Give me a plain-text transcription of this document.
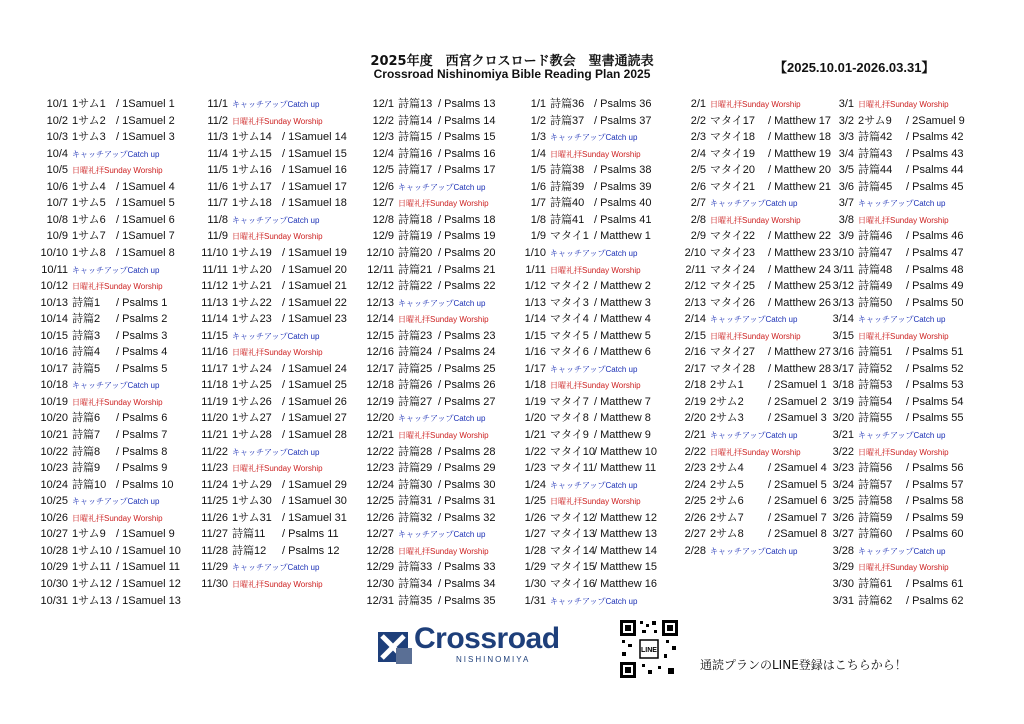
2025年度　西宮クロスロード教会　聖書通読表
Crossroad Nishinomiya Bible Reading Plan 2025	【2025.10.01-2026.03.31】
10/1 1サム1 / 1Samuel 1
10/2 1サム2 / 1Samuel 2
10/3 1サム3 / 1Samuel 3
10/4 キャッチアップCatch up
10/5 日曜礼拝Sunday Worship
10/6 1サム4 / 1Samuel 4
10/7 1サム5 / 1Samuel 5
10/8 1サム6 / 1Samuel 6
10/9 1サム7 / 1Samuel 7
10/10 1サム8 / 1Samuel 8
10/11 キャッチアップCatch up
10/12 日曜礼拝Sunday Worship
10/13 詩篇1 / Psalms 1
10/14 詩篇2 / Psalms 2
10/15 詩篇3 / Psalms 3
10/16 詩篇4 / Psalms 4
10/17 詩篇5 / Psalms 5
10/18 キャッチアップCatch up
10/19 日曜礼拝Sunday Worship
10/20 詩篇6 / Psalms 6
10/21 詩篇7 / Psalms 7
10/22 詩篇8 / Psalms 8
10/23 詩篇9 / Psalms 9
10/24 詩篇10 / Psalms 10
10/25 キャッチアップCatch up
10/26 日曜礼拝Sunday Worship
10/27 1サム9 / 1Samuel 9
10/28 1サム10 / 1Samuel 10
10/29 1サム11 / 1Samuel 11
10/30 1サム12 / 1Samuel 12
10/31 1サム13 / 1Samuel 13
11/1 キャッチアップCatch up
11/2 日曜礼拝Sunday Worship
11/3 1サム14 / 1Samuel 14
11/4 1サム15 / 1Samuel 15
11/5 1サム16 / 1Samuel 16
11/6 1サム17 / 1Samuel 17
11/7 1サム18 / 1Samuel 18
11/8 キャッチアップCatch up
11/9 日曜礼拝Sunday Worship
11/10 1サム19 / 1Samuel 19
11/11 1サム20 / 1Samuel 20
11/12 1サム21 / 1Samuel 21
11/13 1サム22 / 1Samuel 22
11/14 1サム23 / 1Samuel 23
11/15 キャッチアップCatch up
11/16 日曜礼拝Sunday Worship
11/17 1サム24 / 1Samuel 24
11/18 1サム25 / 1Samuel 25
11/19 1サム26 / 1Samuel 26
11/20 1サム27 / 1Samuel 27
11/21 1サム28 / 1Samuel 28
11/22 キャッチアップCatch up
11/23 日曜礼拝Sunday Worship
11/24 1サム29 / 1Samuel 29
11/25 1サム30 / 1Samuel 30
11/26 1サム31 / 1Samuel 31
11/27 詩篇11 / Psalms 11
11/28 詩篇12 / Psalms 12
11/29 キャッチアップCatch up
11/30 日曜礼拝Sunday Worship
12/1 詩篇13 / Psalms 13
12/2 詩篇14 / Psalms 14
12/3 詩篇15 / Psalms 15
12/4 詩篇16 / Psalms 16
12/5 詩篇17 / Psalms 17
12/6 キャッチアップCatch up
12/7 日曜礼拝Sunday Worship
12/8 詩篇18 / Psalms 18
12/9 詩篇19 / Psalms 19
12/10 詩篇20 / Psalms 20
12/11 詩篇21 / Psalms 21
12/12 詩篇22 / Psalms 22
12/13 キャッチアップCatch up
12/14 日曜礼拝Sunday Worship
12/15 詩篇23 / Psalms 23
12/16 詩篇24 / Psalms 24
12/17 詩篇25 / Psalms 25
12/18 詩篇26 / Psalms 26
12/19 詩篇27 / Psalms 27
12/20 キャッチアップCatch up
12/21 日曜礼拝Sunday Worship
12/22 詩篇28 / Psalms 28
12/23 詩篇29 / Psalms 29
12/24 詩篇30 / Psalms 30
12/25 詩篇31 / Psalms 31
12/26 詩篇32 / Psalms 32
12/27 キャッチアップCatch up
12/28 日曜礼拝Sunday Worship
12/29 詩篇33 / Psalms 33
12/30 詩篇34 / Psalms 34
12/31 詩篇35 / Psalms 35
1/1 詩篇36 / Psalms 36
1/2 詩篇37 / Psalms 37
1/3 キャッチアップCatch up
1/4 日曜礼拝Sunday Worship
1/5 詩篇38 / Psalms 38
1/6 詩篇39 / Psalms 39
1/7 詩篇40 / Psalms 40
1/8 詩篇41 / Psalms 41
1/9 マタイ1 / Matthew 1
1/10 キャッチアップCatch up
1/11 日曜礼拝Sunday Worship
1/12 マタイ2 / Matthew 2
1/13 マタイ3 / Matthew 3
1/14 マタイ4 / Matthew 4
1/15 マタイ5 / Matthew 5
1/16 マタイ6 / Matthew 6
1/17 キャッチアップCatch up
1/18 日曜礼拝Sunday Worship
1/19 マタイ7 / Matthew 7
1/20 マタイ8 / Matthew 8
1/21 マタイ9 / Matthew 9
1/22 マタイ10/ Matthew 10
1/23 マタイ11/ Matthew 11
1/24 キャッチアップCatch up
1/25 日曜礼拝Sunday Worship
1/26 マタイ12/ Matthew 12
1/27 マタイ13/ Matthew 13
1/28 マタイ14/ Matthew 14
1/29 マタイ15/ Matthew 15
1/30 マタイ16/ Matthew 16
1/31 キャッチアップCatch up
2/1 日曜礼拝Sunday Worship
2/2 マタイ17 / Matthew 17
2/3 マタイ18 / Matthew 18
2/4 マタイ19 / Matthew 19
2/5 マタイ20 / Matthew 20
2/6 マタイ21 / Matthew 21
2/7 キャッチアップCatch up
2/8 日曜礼拝Sunday Worship
2/9 マタイ22 / Matthew 22
2/10 マタイ23 / Matthew 23
2/11 マタイ24 / Matthew 24
2/12 マタイ25 / Matthew 25
2/13 マタイ26 / Matthew 26
2/14 キャッチアップCatch up
2/15 日曜礼拝Sunday Worship
2/16 マタイ27 / Matthew 27
2/17 マタイ28 / Matthew 28
2/18 2サム1 / 2Samuel 1
2/19 2サム2 / 2Samuel 2
2/20 2サム3 / 2Samuel 3
2/21 キャッチアップCatch up
2/22 日曜礼拝Sunday Worship
2/23 2サム4 / 2Samuel 4
2/24 2サム5 / 2Samuel 5
2/25 2サム6 / 2Samuel 6
2/26 2サム7 / 2Samuel 7
2/27 2サム8 / 2Samuel 8
2/28 キャッチアップCatch up
3/1 日曜礼拝Sunday Worship
3/2 2サム9 / 2Samuel 9
3/3 詩篇42 / Psalms 42
3/4 詩篇43 / Psalms 43
3/5 詩篇44 / Psalms 44
3/6 詩篇45 / Psalms 45
3/7 キャッチアップCatch up
3/8 日曜礼拝Sunday Worship
3/9 詩篇46 / Psalms 46
3/10 詩篇47 / Psalms 47
3/11 詩篇48 / Psalms 48
3/12 詩篇49 / Psalms 49
3/13 詩篇50 / Psalms 50
3/14 キャッチアップCatch up
3/15 日曜礼拝Sunday Worship
3/16 詩篇51 / Psalms 51
3/17 詩篇52 / Psalms 52
3/18 詩篇53 / Psalms 53
3/19 詩篇54 / Psalms 54
3/20 詩篇55 / Psalms 55
3/21 キャッチアップCatch up
3/22 日曜礼拝Sunday Worship
3/23 詩篇56 / Psalms 56
3/24 詩篇57 / Psalms 57
3/25 詩篇58 / Psalms 58
3/26 詩篇59 / Psalms 59
3/27 詩篇60 / Psalms 60
3/28 キャッチアップCatch up
3/29 日曜礼拝Sunday Worship
3/30 詩篇61 / Psalms 61
3/31 詩篇62 / Psalms 62
Crossroad
NISHINOMIYA
LINE
通読プランのLINE登録はこちらから！
